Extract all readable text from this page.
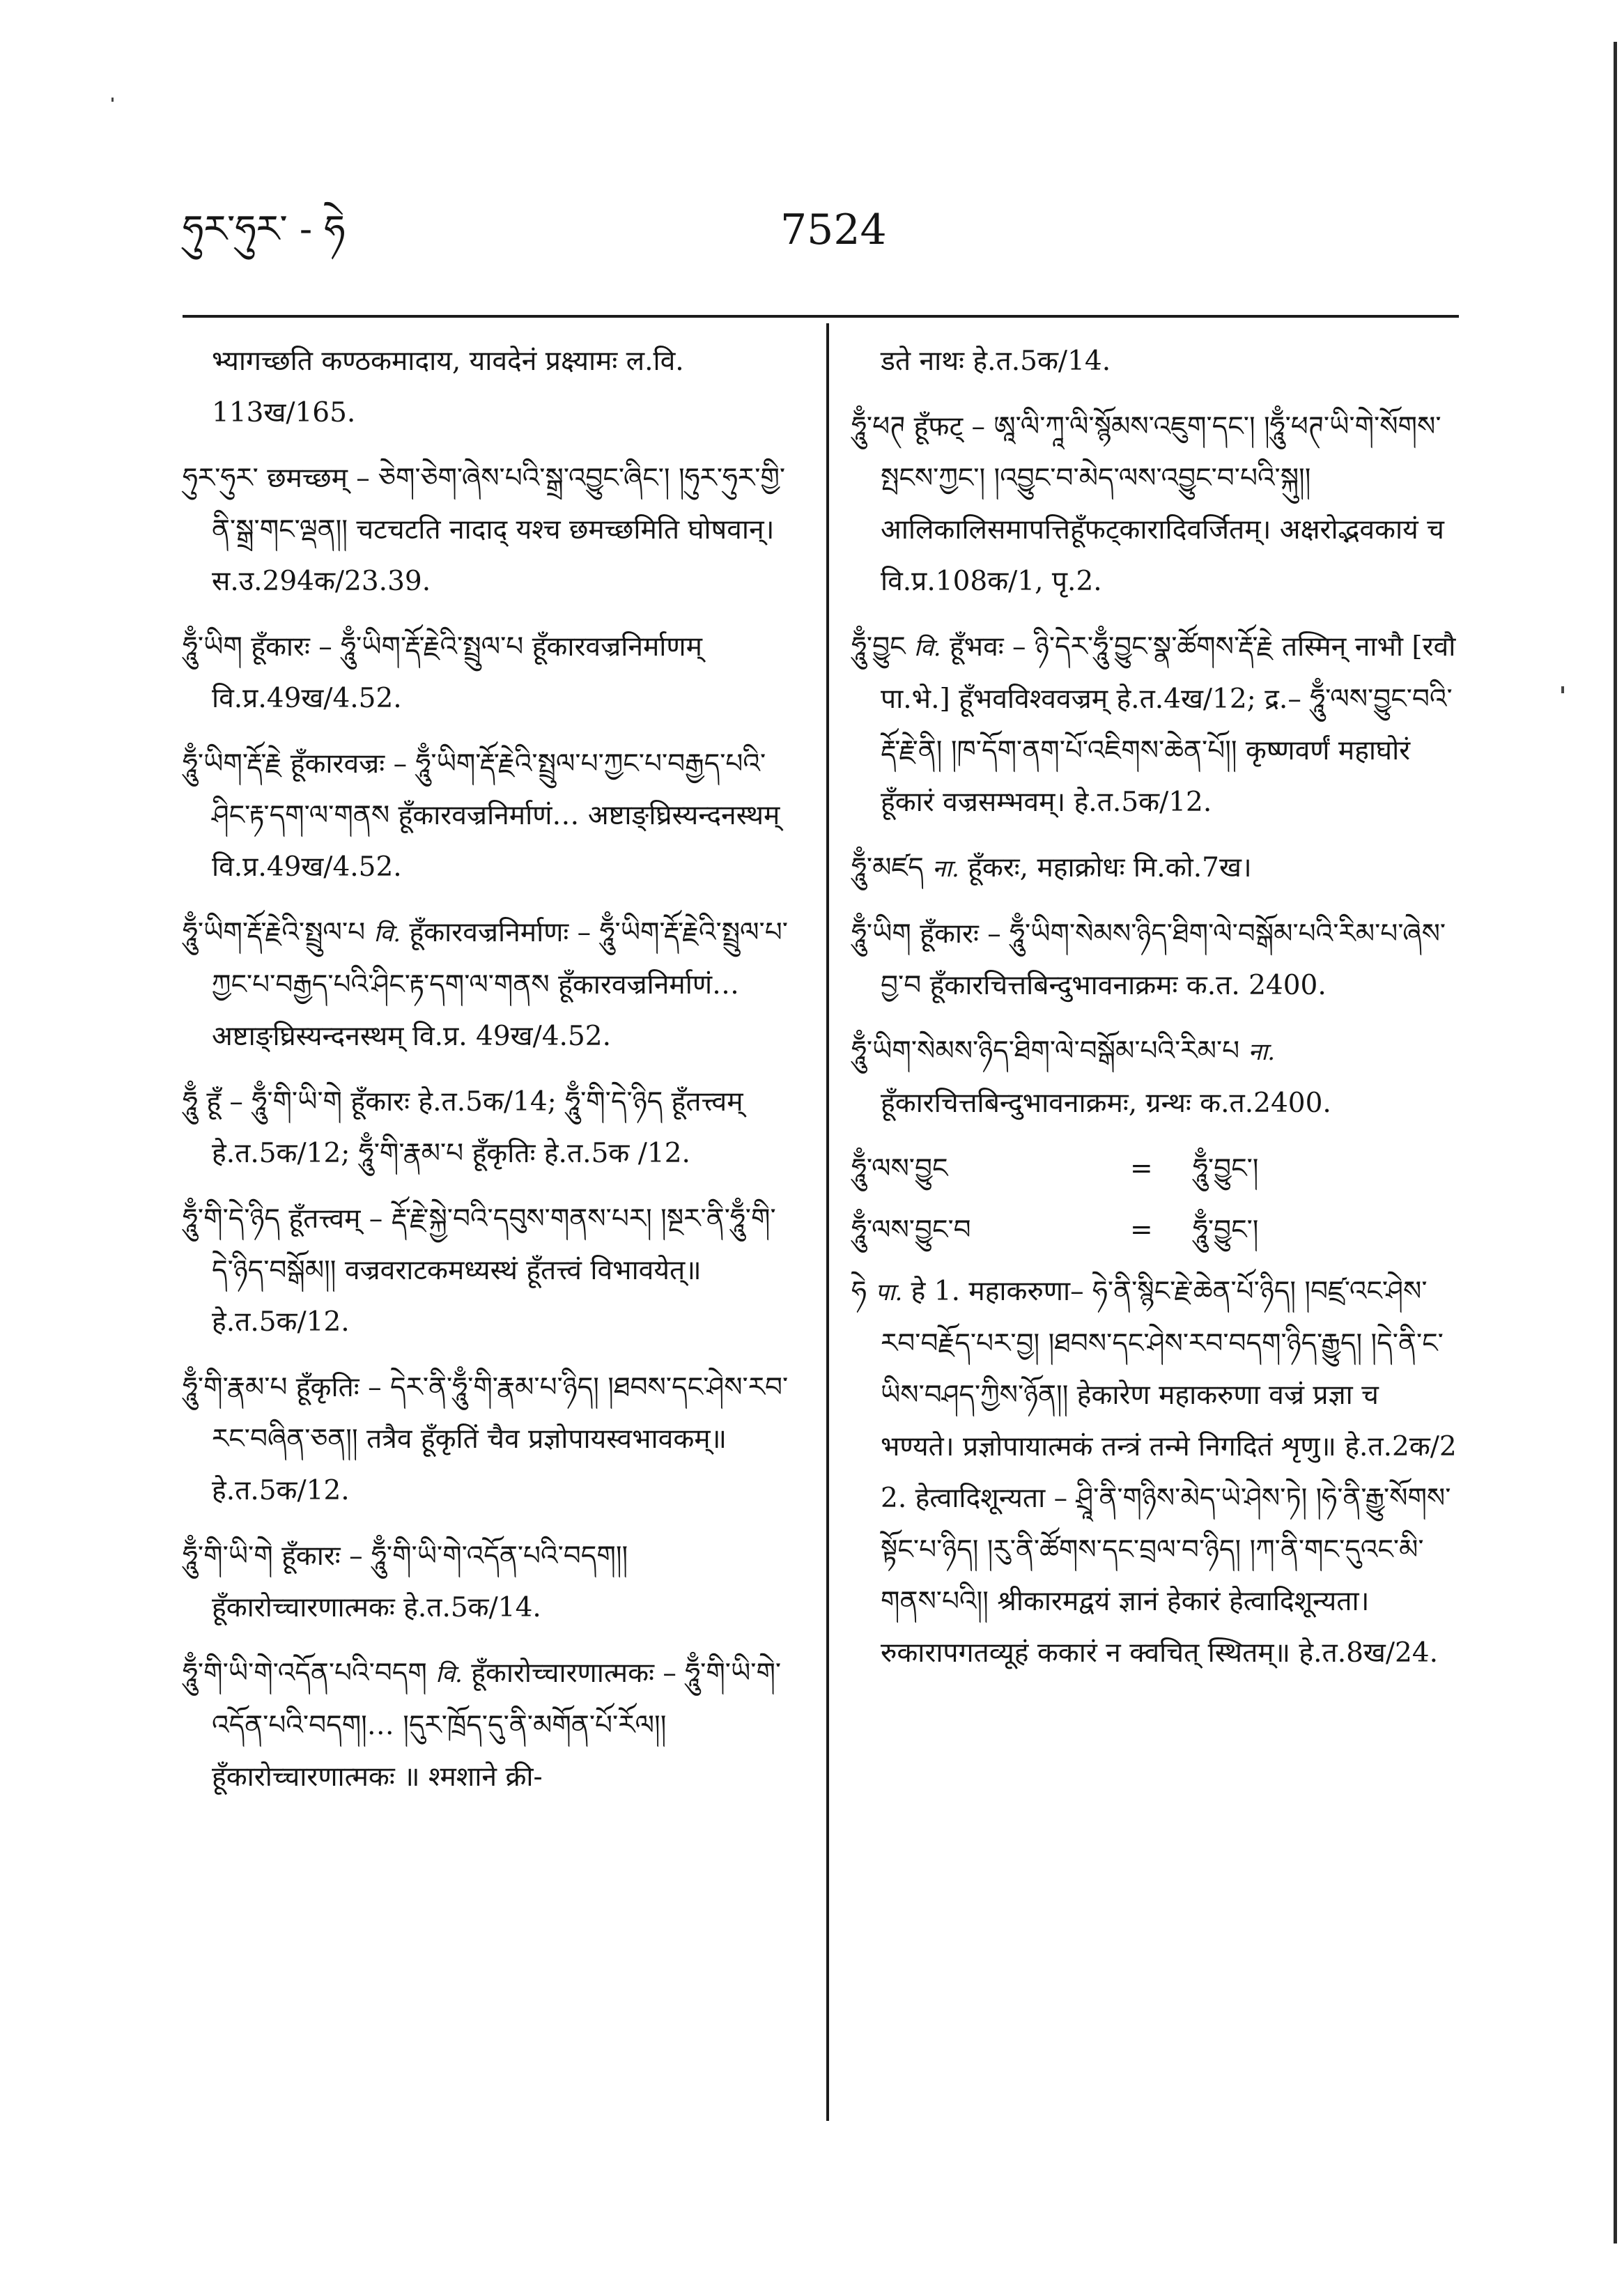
ཧུར་ཧུར་ - ཧེ	7524
भ्यागच्छति कण्ठकमादाय, यावदेनं प्रक्ष्यामः ल.वि. 113ख/165.
ཧུར་ཧུར་ छमच्छम् – ཅེག་ཅེག་ཞེས་པའི་སྒྲ་འབྱུང་ཞིང་། །ཧུར་ཧུར་གྱི་ནི་སྒྲ་གང་ལྡན།། चटचटति नादाद् यश्च छमच्छमिति घोषवान्। स.उ.294क/23.39.
ཧཱུྃ་ཡིག हूँकारः – ཧཱུྃ་ཡིག་རྡོ་རྗེའི་སྤྲུལ་པ हूँकारवज्रनिर्माणम् वि.प्र.49ख/4.52.
ཧཱུྃ་ཡིག་རྡོ་རྗེ हूँकारवज्रः – ཧཱུྃ་ཡིག་རྡོ་རྗེའི་སྤྲུལ་པ་ཀྱང་པ་བརྒྱད་པའི་ཤིང་རྟ་དག་ལ་གནས हूँकारवज्रनिर्माणं… अष्टाङ्घ्रिस्यन्दनस्थम् वि.प्र.49ख/4.52.
ཧཱུྃ་ཡིག་རྡོ་རྗེའི་སྤྲུལ་པ वि. हूँकारवज्रनिर्माणः – ཧཱུྃ་ཡིག་རྡོ་རྗེའི་སྤྲུལ་པ་ཀྱང་པ་བརྒྱད་པའི་ཤིང་རྟ་དག་ལ་གནས हूँकारवज्रनिर्माणं… अष्टाङ्घ्रिस्यन्दनस्थम् वि.प्र. 49ख/4.52.
ཧཱུྃ हूँ – ཧཱུྃ་གི་ཡི་གེ हूँकारः हे.त.5क/14; ཧཱུྃ་གི་དེ་ཉིད हूँतत्त्वम् हे.त.5क/12; ཧཱུྃ་གི་རྣམ་པ हूँकृतिः हे.त.5क /12.
ཧཱུྃ་གི་དེ་ཉིད हूँतत्त्वम् – རྡོ་རྗེ་སྐྱེ་བའི་དབུས་གནས་པར། །སྔར་ནི་ཧཱུྃ་གི་དེ་ཉིད་བསྒོམ།། वज्रवराटकमध्यस्थं हूँतत्त्वं विभावयेत्॥ हे.त.5क/12.
ཧཱུྃ་གི་རྣམ་པ हूँकृतिः – དེར་ནི་ཧཱུྃ་གི་རྣམ་པ་ཉིད། །ཐབས་དང་ཤེས་རབ་རང་བཞིན་ཅན།། तत्रैव हूँकृतिं चैव प्रज्ञोपायस्वभावकम्॥ हे.त.5क/12.
ཧཱུྃ་གི་ཡི་གེ हूँकारः – ཧཱུྃ་གི་ཡི་གེ་འདོན་པའི་བདག།། हूँकारोच्चारणात्मकः हे.त.5क/14.
ཧཱུྃ་གི་ཡི་གེ་འདོན་པའི་བདག वि. हूँकारोच्चारणात्मकः – ཧཱུྃ་གི་ཡི་གེ་འདོན་པའི་བདག།… །དུར་ཁྲོད་དུ་ནི་མགོན་པོ་རོལ།། हूँकारोच्चारणात्मकः ॥ श्मशाने क्री-
डते नाथः हे.त.5क/14.
ཧཱུྃ་ཕཊ हूँफट् – ཨཱ་ལི་ཀཱ་ལི་སྙོམས་འཇུག་དང་། །ཧཱུྃ་ཕཊ་ཡི་གེ་སོགས་སྤངས་ཀྱང་། །འབྱུང་བ་མེད་ལས་འབྱུང་བ་པའི་སྐུ།། आलिकालिसमापत्तिहूँफट्कारादिवर्जितम्। अक्षरोद्भवकायं च वि.प्र.108क/1, पृ.2.
ཧཱུྃ་བྱུང वि. हूँभवः – ཉི་དེར་ཧཱུྃ་བྱུང་སྣ་ཚོགས་རྡོ་རྗེ तस्मिन् नाभौ [रवौ पा.भे.] हूँभवविश्ववज्रम् हे.त.4ख/12; द्र.– ཧཱུྃ་ལས་བྱུང་བའི་རྡོ་རྗེ་ནི། །ཁ་དོག་ནག་པོ་འཇིགས་ཆེན་པོ།། कृष्णवर्णं महाघोरं हूँकारं वज्रसम्भवम्। हे.त.5क/12.
ཧཱུྃ་མཛད ना. हूँकरः, महाक्रोधः मि.को.7ख।
ཧཱུྃ་ཡིག हूँकारः – ཧཱུྃ་ཡིག་སེམས་ཉིད་ཐིག་ལེ་བསྒོམ་པའི་རིམ་པ་ཞེས་བྱ་བ हूँकारचित्तबिन्दुभावनाक्रमः क.त. 2400.
ཧཱུྃ་ཡིག་སེམས་ཉིད་ཐིག་ལེ་བསྒོམ་པའི་རིམ་པ ना. हूँकारचित्तबिन्दुभावनाक्रमः, ग्रन्थः क.त.2400.
ཧཱུྃ་ལས་བྱུང	= ཧཱུྃ་བྱུང་།
ཧཱུྃ་ལས་བྱུང་བ	= ཧཱུྃ་བྱུང་།
ཧེ पा. हे 1. महाकरुणा– ཧེ་ནི་སྙིང་རྗེ་ཆེན་པོ་ཉིད། །བཛྲ་འང་ཤེས་རབ་བརྗོད་པར་བྱ། །ཐབས་དང་ཤེས་རབ་བདག་ཉིད་རྒྱུད། །དེ་ནི་ང་ཡིས་བཤད་ཀྱིས་ཉོན།། हेकारेण महाकरुणा वज्रं प्रज्ञा च भण्यते। प्रज्ञोपायात्मकं तन्त्रं तन्मे निगदितं शृणु॥ हे.त.2क/2 2. हेत्वादिशून्यता – ཤྲཱི་ནི་གཉིས་མེད་ཡེ་ཤེས་ཏེ། །ཧེ་ནི་རྒྱུ་སོགས་སྟོང་པ་ཉིད། །རུ་ནི་ཚོགས་དང་བྲལ་བ་ཉིད། །ཀ་ནི་གང་དུའང་མི་གནས་པའི།། श्रीकारमद्वयं ज्ञानं हेकारं हेत्वादिशून्यता। रुकारापगतव्यूहं ककारं न क्वचित् स्थितम्॥ हे.त.8ख/24.
